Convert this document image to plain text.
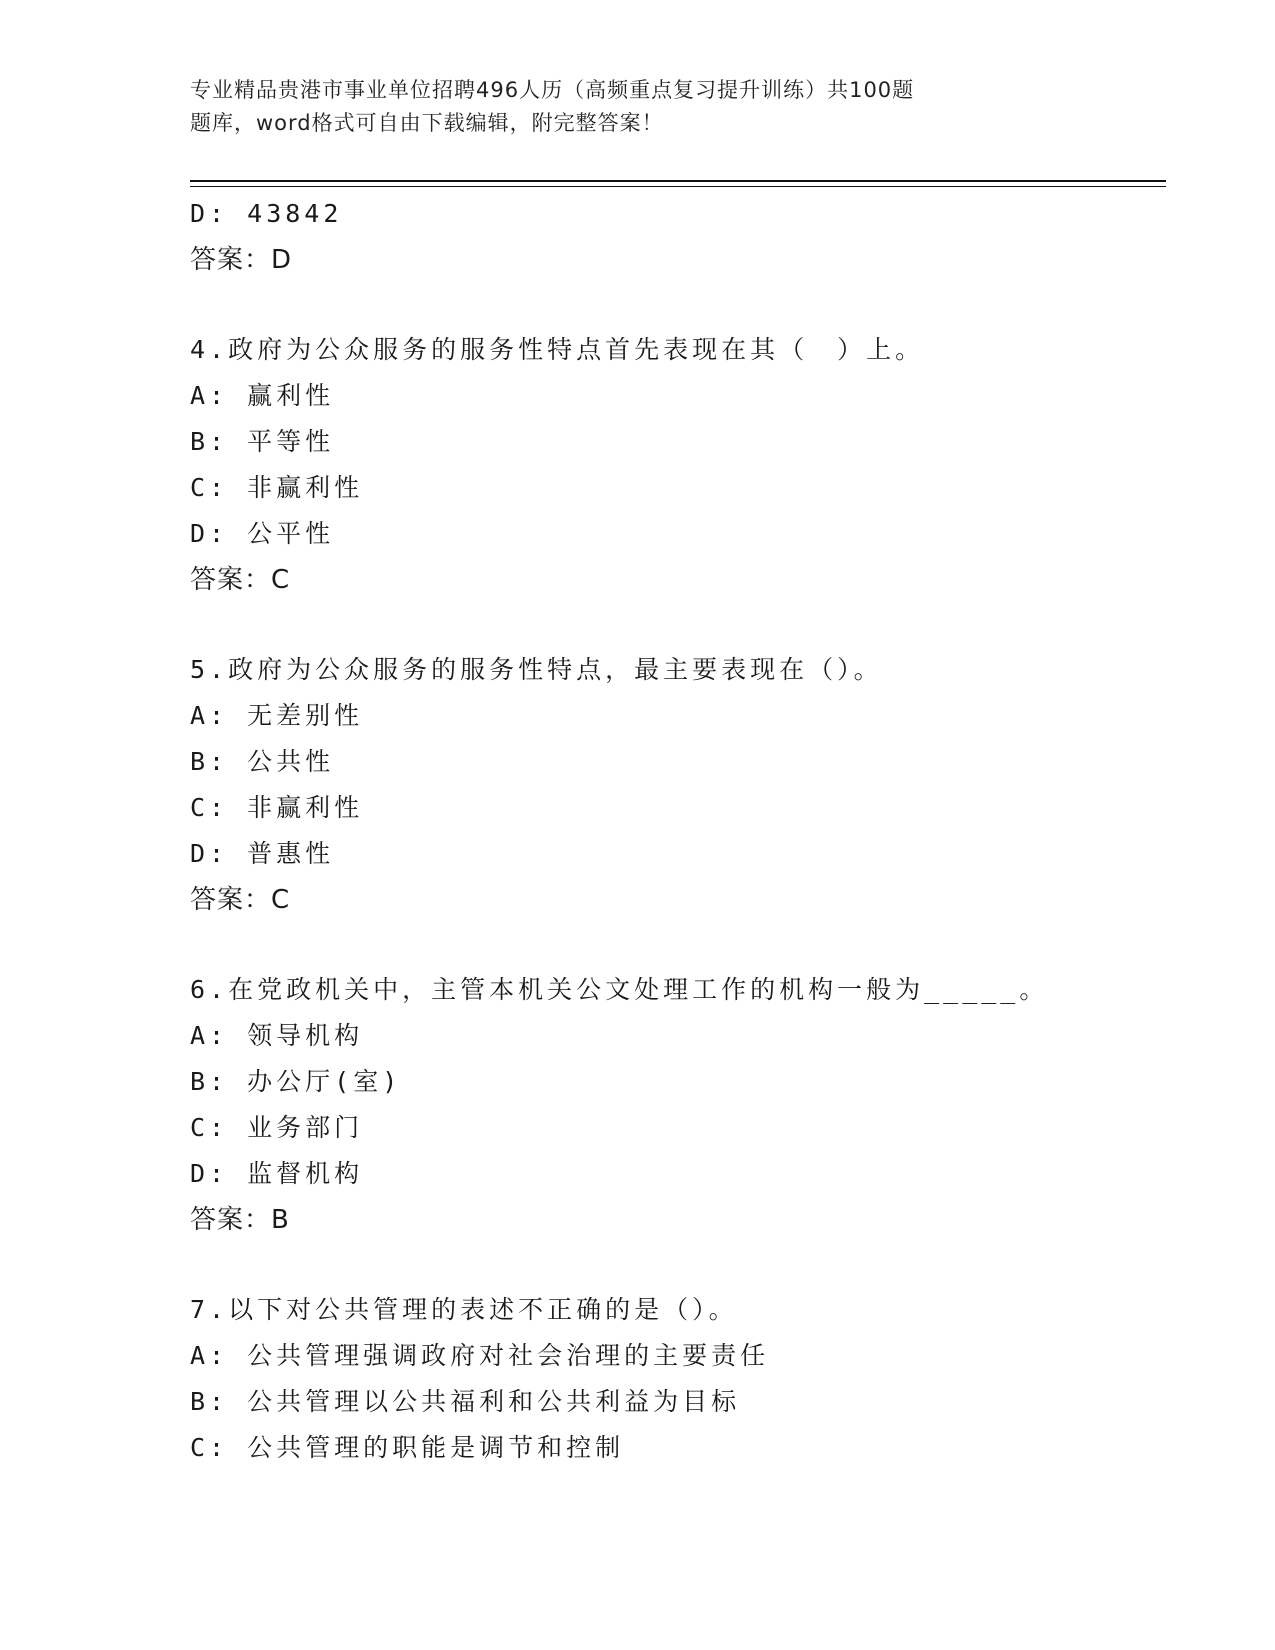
专业精品贵港市事业单位招聘496人历（高频重点复习提升训练）共100题
题库，word格式可自由下载编辑，附完整答案！
D: 43842
答案：D
4.政府为公众服务的服务性特点首先表现在其（　）上。
A: 赢利性
B: 平等性
C: 非赢利性
D: 公平性
答案：C
5.政府为公众服务的服务性特点，最主要表现在（）。
A: 无差别性
B: 公共性
C: 非赢利性
D: 普惠性
答案：C
6.在党政机关中，主管本机关公文处理工作的机构一般为_____。
A: 领导机构
B: 办公厅(室)
C: 业务部门
D: 监督机构
答案：B
7.以下对公共管理的表述不正确的是（）。
A: 公共管理强调政府对社会治理的主要责任
B: 公共管理以公共福利和公共利益为目标
C: 公共管理的职能是调节和控制
